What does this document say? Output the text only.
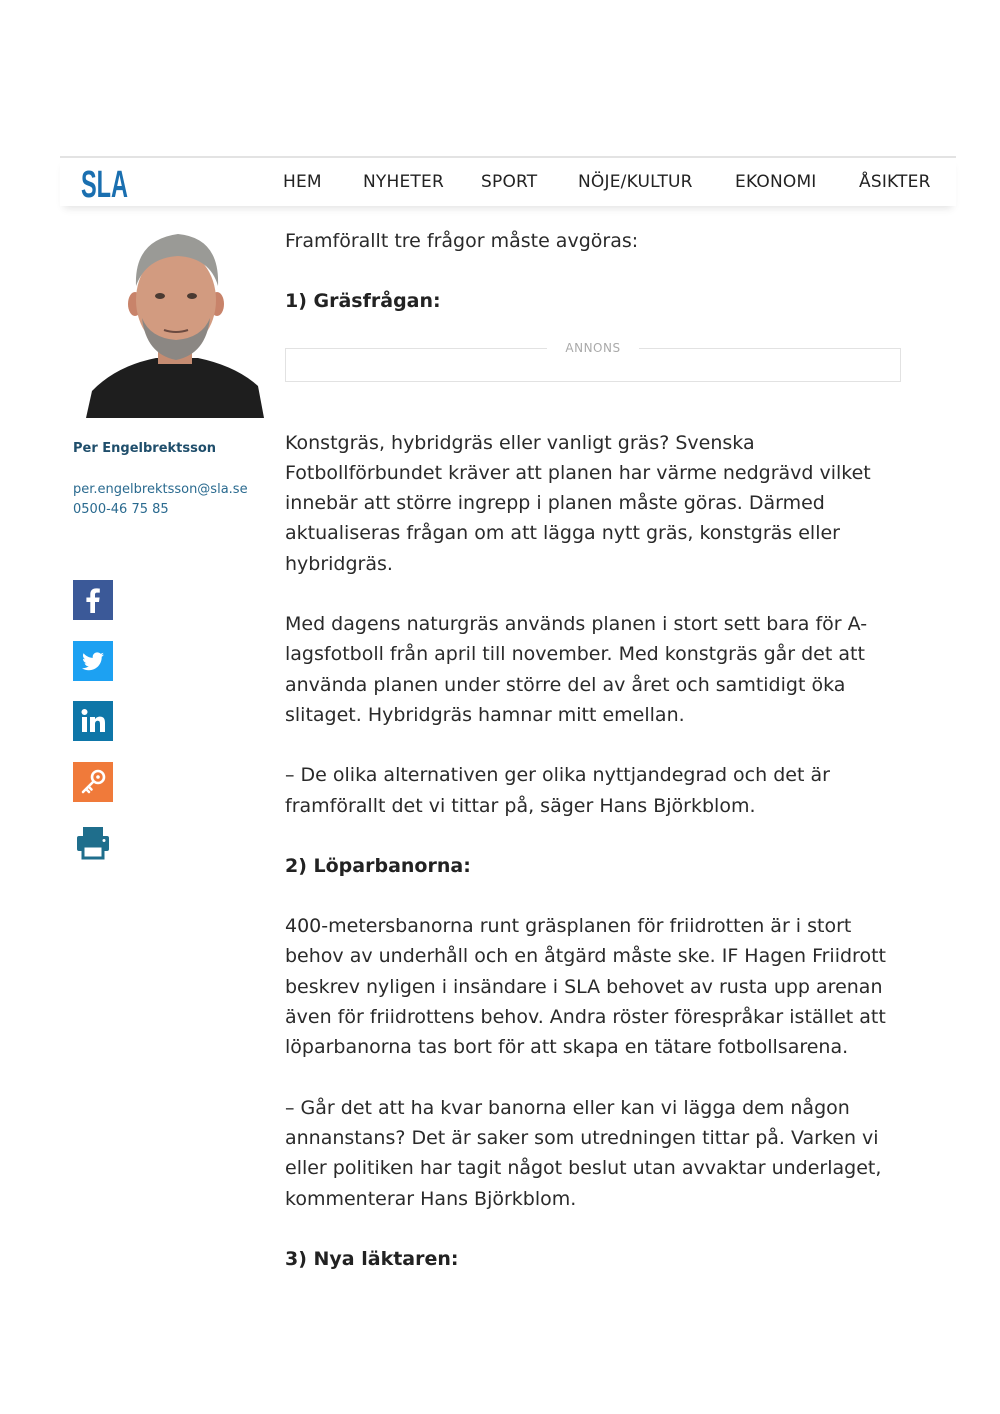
SLA	HEM NYHETER SPORT NÖJE/KULTUR EKONOMI ÅSIKTER
Per Engelbrektsson
per.engelbrektsson@sla.se
0500-46 75 85
ANNONS

Framförallt tre frågor måste avgöras:

1) Gräsfrågan:

Konstgräs, hybridgräs eller vanligt gräs? Svenska Fotbollförbundet kräver att planen har värme nedgrävd vilket innebär att större ingrepp i planen måste göras. Därmed aktualiseras frågan om att lägga nytt gräs, konstgräs eller hybridgräs.

Med dagens naturgräs används planen i stort sett bara för A-lagsfotboll från april till november. Med konstgräs går det att använda planen under större del av året och samtidigt öka slitaget. Hybridgräs hamnar mitt emellan.

– De olika alternativen ger olika nyttjandegrad och det är framförallt det vi tittar på, säger Hans Björkblom.

2) Löparbanorna:

400-metersbanorna runt gräsplanen för friidrotten är i stort behov av underhåll och en åtgärd måste ske. IF Hagen Friidrott beskrev nyligen i insändare i SLA behovet av rusta upp arenan även för friidrottens behov. Andra röster förespråkar istället att löparbanorna tas bort för att skapa en tätare fotbollsarena.

– Går det att ha kvar banorna eller kan vi lägga dem någon annanstans? Det är saker som utredningen tittar på. Varken vi eller politiken har tagit något beslut utan avvaktar underlaget, kommenterar Hans Björkblom.

3) Nya läktaren:
